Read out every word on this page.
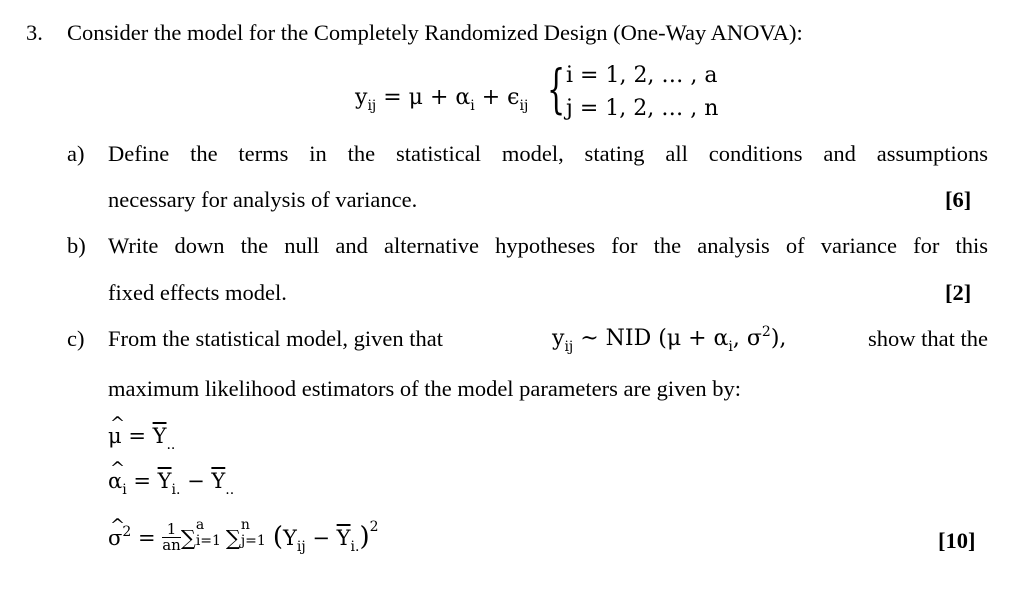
3. Consider the model for the Completely Randomized Design (One-Way ANOVA):
$y_{ij} = \mu + \alpha_i + \epsilon_{ij}$ { i = 1, 2, … , a
j = 1, 2, … , n
a) Define the terms in the statistical model, stating all conditions and assumptions
necessary for analysis of variance.	[6]
b) Write down the null and alternative hypotheses for the analysis of variance for this
fixed effects model.	[2]
c) From the statistical model, given that	$y_{ij}$ ~ NID ($\mu + \alpha_i$, $\sigma^2$),	show that the
maximum likelihood estimators of the model parameters are given by:
^ $\mu = \overline{Y}_{..}$
^ $\alpha_i = \overline{Y}_{i.} - \overline{Y}_{..}$
^ $\sigma^2 = \frac{1}{an}$ ∑
a
i=1 ∑
n
j=1 $(Y_{ij} - \overline{Y}_{i.})^2$
[10]
